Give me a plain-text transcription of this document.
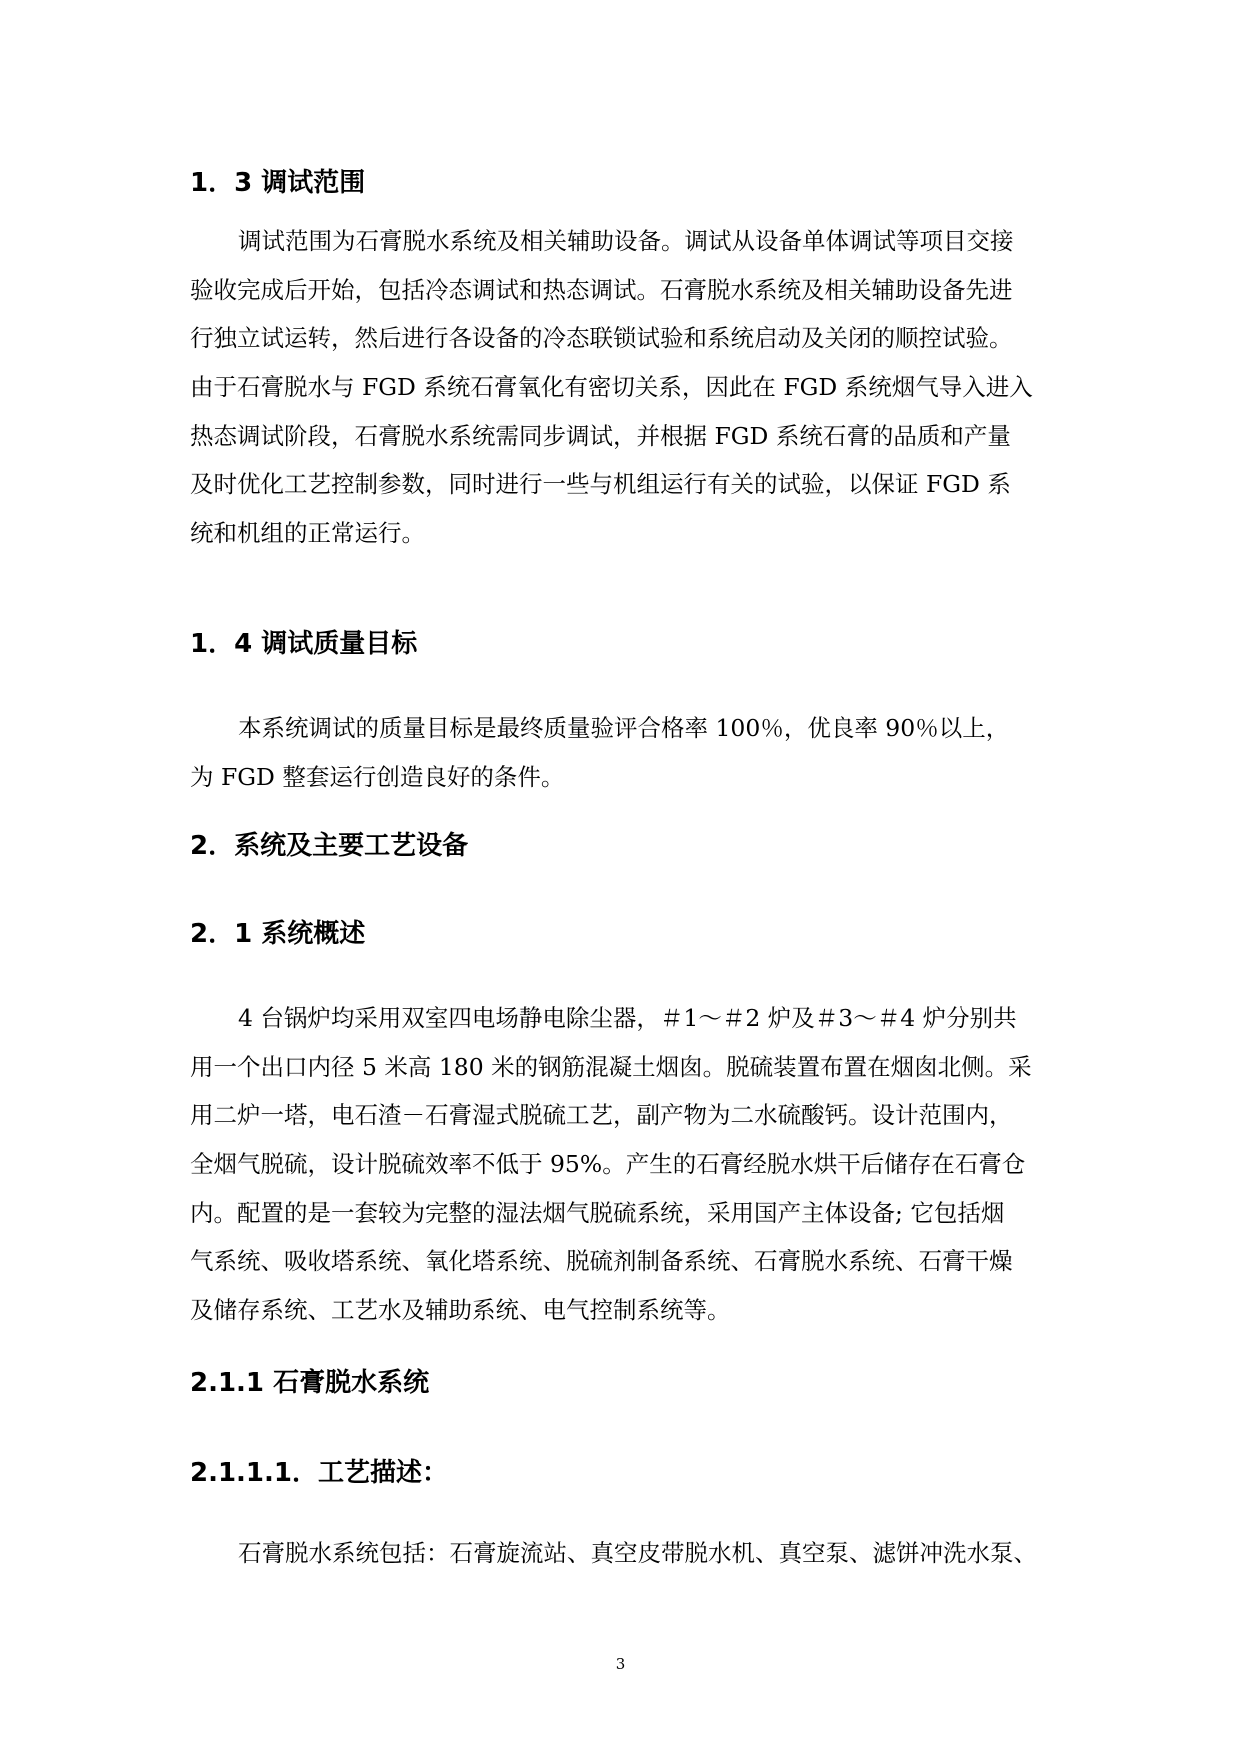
1．3 调试范围
调试范围为石膏脱水系统及相关辅助设备。调试从设备单体调试等项目交接
验收完成后开始，包括冷态调试和热态调试。石膏脱水系统及相关辅助设备先进
行独立试运转，然后进行各设备的冷态联锁试验和系统启动及关闭的顺控试验。
由于石膏脱水与 FGD 系统石膏氧化有密切关系，因此在 FGD 系统烟气导入进入
热态调试阶段，石膏脱水系统需同步调试，并根据 FGD 系统石膏的品质和产量
及时优化工艺控制参数，同时进行一些与机组运行有关的试验，以保证 FGD 系
统和机组的正常运行。
1．4 调试质量目标
本系统调试的质量目标是最终质量验评合格率 100％，优良率 90％以上，
为 FGD 整套运行创造良好的条件。
2．系统及主要工艺设备
2．1 系统概述
4 台锅炉均采用双室四电场静电除尘器，＃1～＃2 炉及＃3～＃4 炉分别共
用一个出口内径 5 米高 180 米的钢筋混凝土烟囱。脱硫装置布置在烟囱北侧。采
用二炉一塔，电石渣－石膏湿式脱硫工艺，副产物为二水硫酸钙。设计范围内，
全烟气脱硫，设计脱硫效率不低于 95%。产生的石膏经脱水烘干后储存在石膏仓
内。配置的是一套较为完整的湿法烟气脱硫系统，采用国产主体设备; 它包括烟
气系统、吸收塔系统、氧化塔系统、脱硫剂制备系统、石膏脱水系统、石膏干燥
及储存系统、工艺水及辅助系统、电气控制系统等。
2.1.1 石膏脱水系统
2.1.1.1．工艺描述：
石膏脱水系统包括：石膏旋流站、真空皮带脱水机、真空泵、滤饼冲洗水泵、
3
